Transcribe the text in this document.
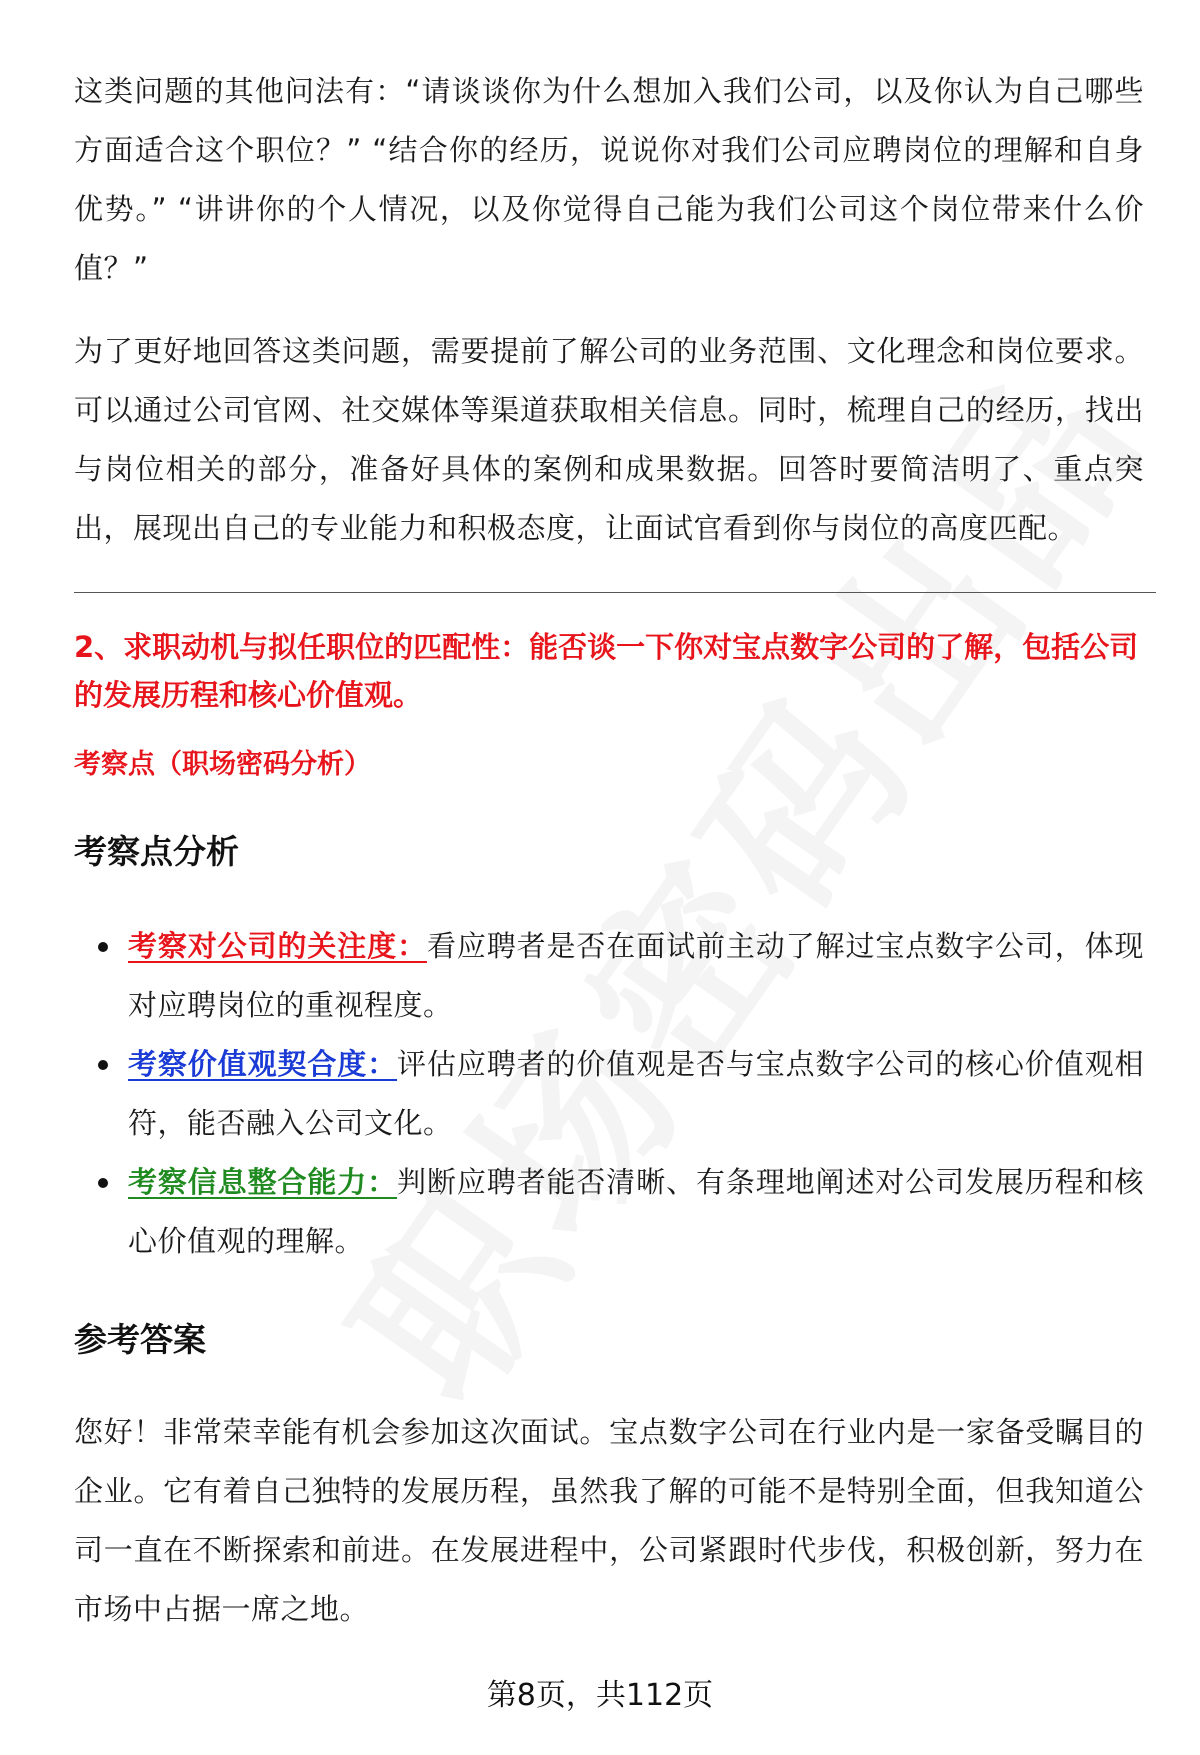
这类问题的其他问法有：“请谈谈你为什么想加入我们公司，以及你认为自己哪些方面适合这个职位？” “结合你的经历，说说你对我们公司应聘岗位的理解和自身优势。” “讲讲你的个人情况，以及你觉得自己能为我们公司这个岗位带来什么价值？”

为了更好地回答这类问题，需要提前了解公司的业务范围、文化理念和岗位要求。可以通过公司官网、社交媒体等渠道获取相关信息。同时，梳理自己的经历，找出与岗位相关的部分，准备好具体的案例和成果数据。回答时要简洁明了、重点突出，展现出自己的专业能力和积极态度，让面试官看到你与岗位的高度匹配。

2、求职动机与拟任职位的匹配性：能否谈一下你对宝点数字公司的了解，包括公司的发展历程和核心价值观。

考察点（职场密码分析）

考察点分析
考察对公司的关注度：看应聘者是否在面试前主动了解过宝点数字公司，体现对应聘岗位的重视程度。
考察价值观契合度：评估应聘者的价值观是否与宝点数字公司的核心价值观相符，能否融入公司文化。
考察信息整合能力：判断应聘者能否清晰、有条理地阐述对公司发展历程和核心价值观的理解。
参考答案

您好！非常荣幸能有机会参加这次面试。宝点数字公司在行业内是一家备受瞩目的企业。它有着自己独特的发展历程，虽然我了解的可能不是特别全面，但我知道公司一直在不断探索和前进。在发展进程中，公司紧跟时代步伐，积极创新，努力在市场中占据一席之地。

第8页，共112页
